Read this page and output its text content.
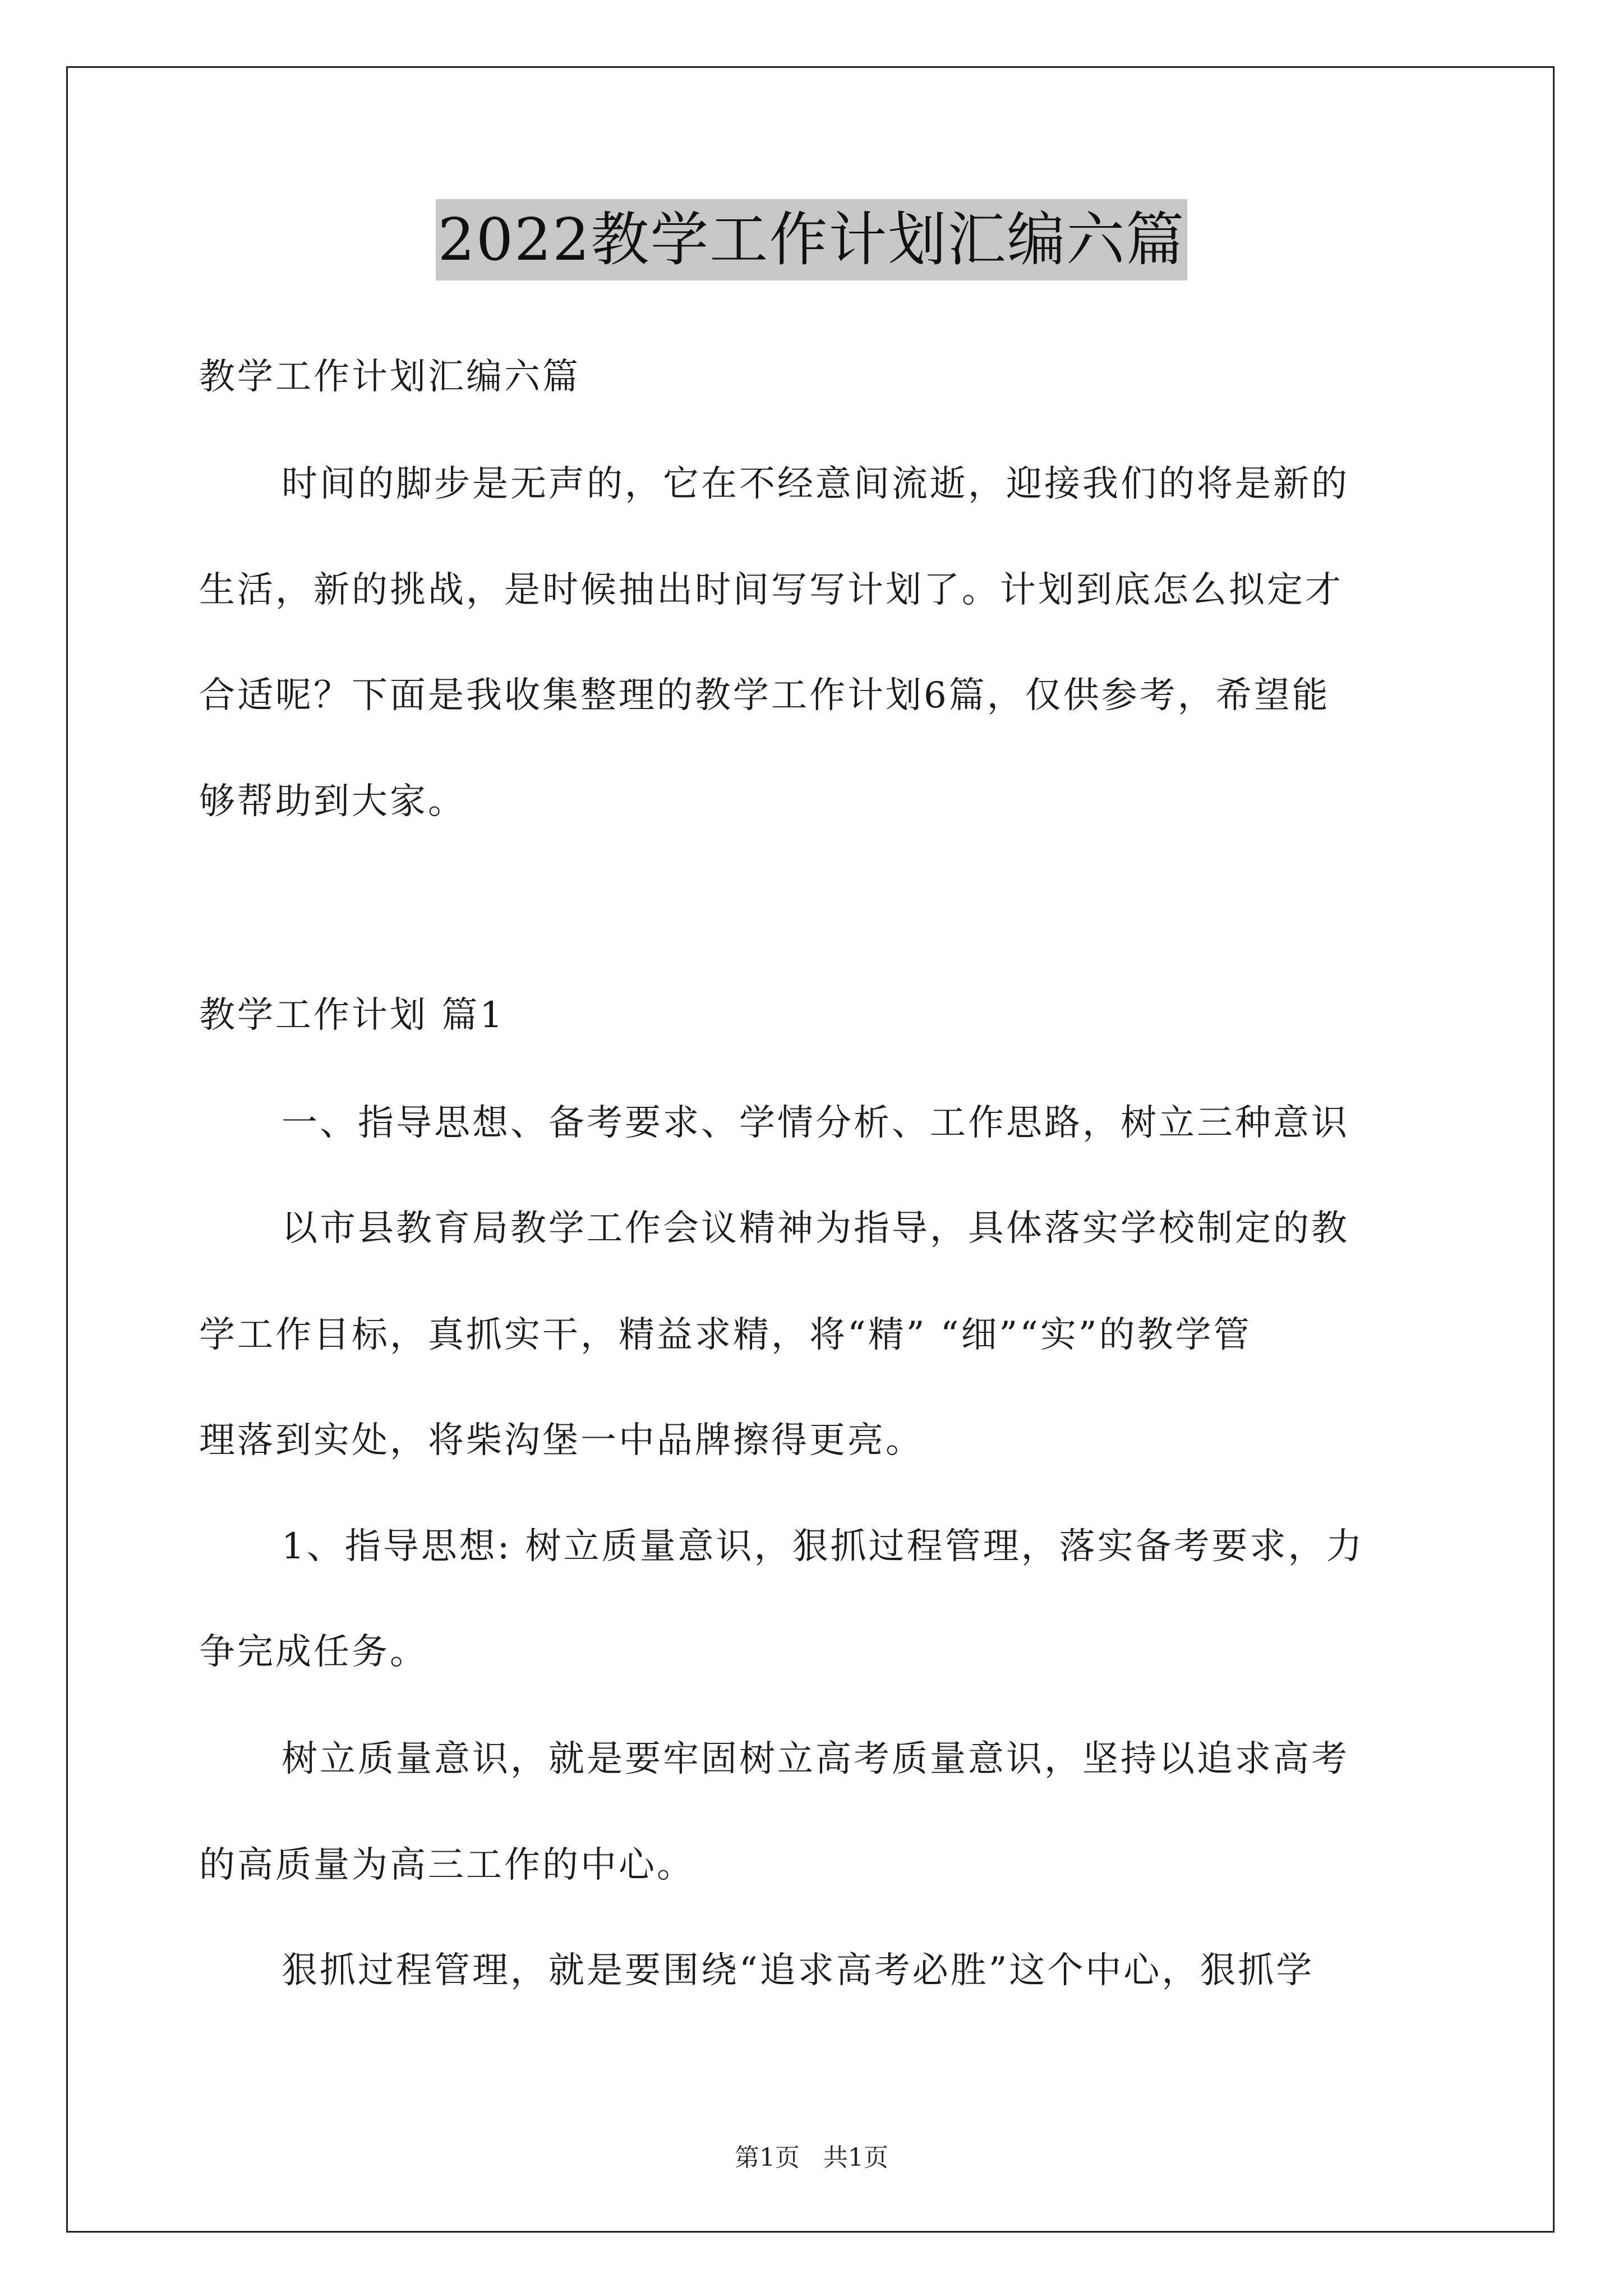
2022教学工作计划汇编六篇
教学工作计划汇编六篇
时间的脚步是无声的，它在不经意间流逝，迎接我们的将是新的
生活，新的挑战，是时候抽出时间写写计划了。计划到底怎么拟定才
合适呢？下面是我收集整理的教学工作计划6篇，仅供参考，希望能
够帮助到大家。
教学工作计划 篇1
一、指导思想、备考要求、学情分析、工作思路，树立三种意识
以市县教育局教学工作会议精神为指导，具体落实学校制定的教
学工作目标，真抓实干，精益求精，将“精” “细”“实”的教学管
理落到实处，将柴沟堡一中品牌擦得更亮。
1、指导思想: 树立质量意识，狠抓过程管理，落实备考要求，力
争完成任务。
树立质量意识，就是要牢固树立高考质量意识，坚持以追求高考
的高质量为高三工作的中心。
狠抓过程管理，就是要围绕“追求高考必胜”这个中心，狠抓学
第1页   共1页
